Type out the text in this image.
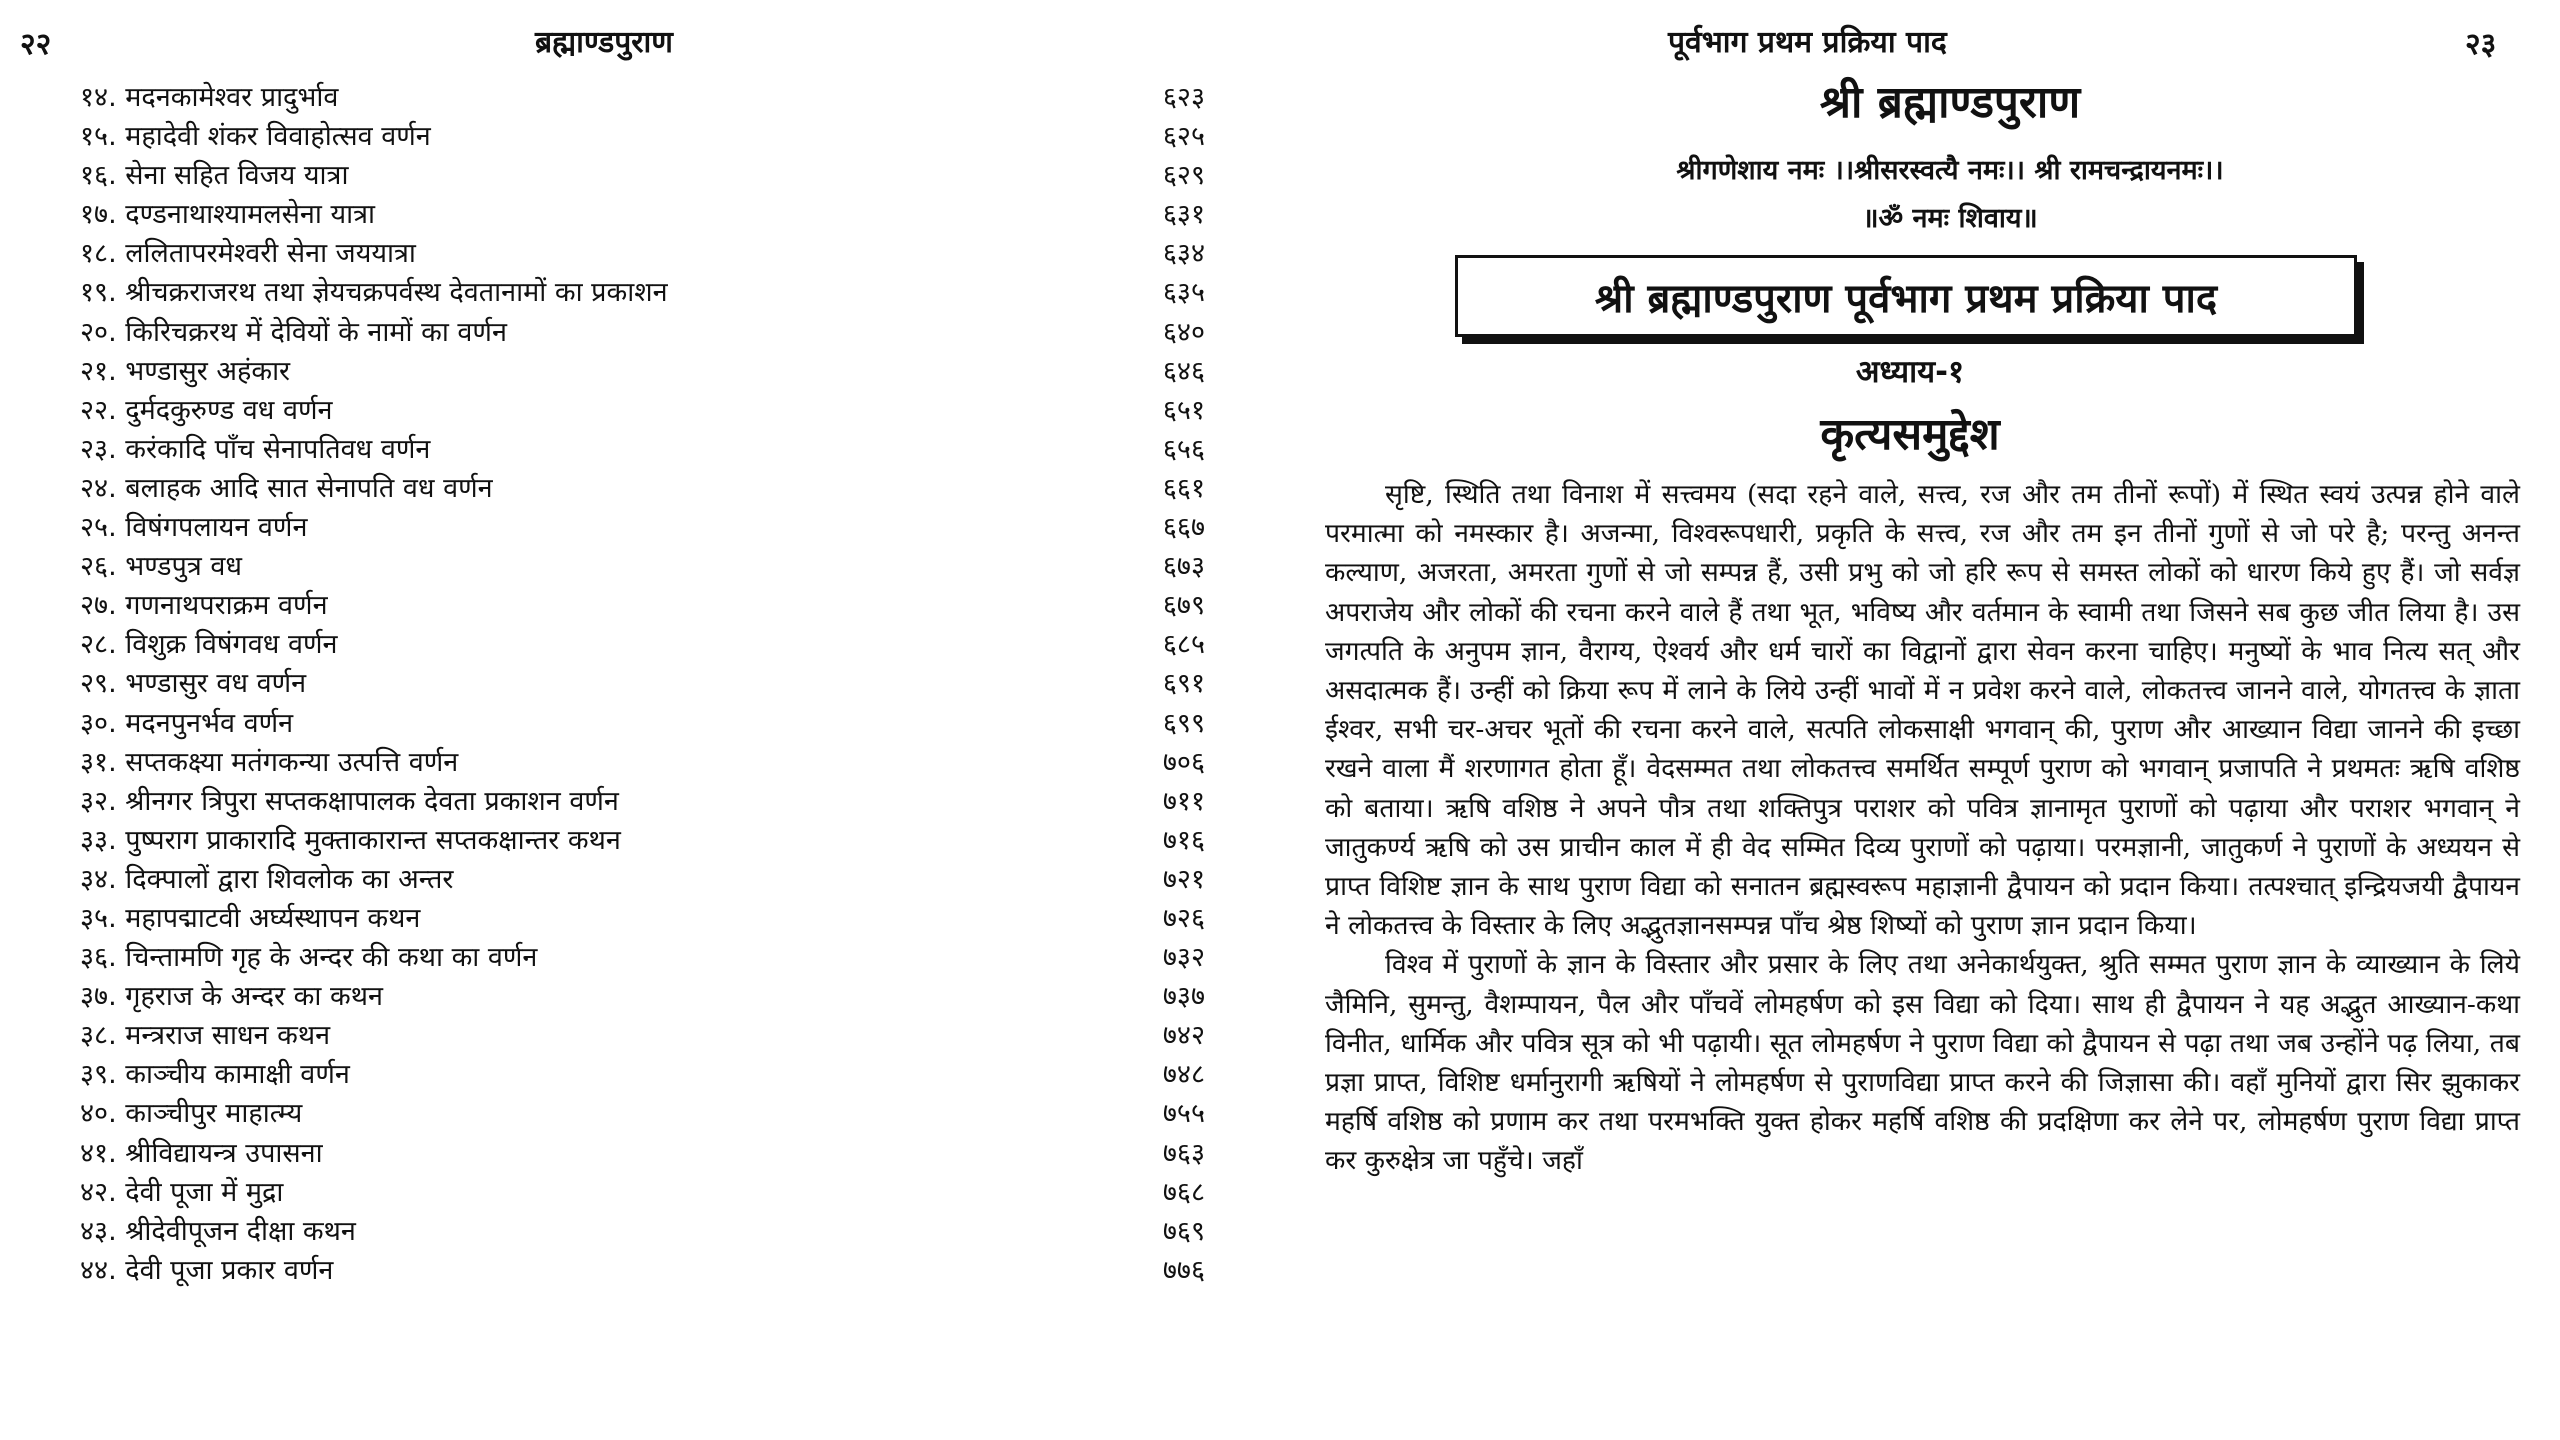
२२	ब्रह्माण्डपुराण
१४. मदनकामेश्वर प्रादुर्भाव	६२३
१५. महादेवी शंकर विवाहोत्सव वर्णन	६२५
१६. सेना सहित विजय यात्रा	६२९
१७. दण्डनाथाश्यामलसेना यात्रा	६३१
१८. ललितापरमेश्वरी सेना जययात्रा	६३४
१९. श्रीचक्रराजरथ तथा ज्ञेयचक्रपर्वस्थ देवतानामों का प्रकाशन	६३५
२०. किरिचक्ररथ में देवियों के नामों का वर्णन	६४०
२१. भण्डासुर अहंकार	६४६
२२. दुर्मदकुरुण्ड वध वर्णन	६५१
२३. करंकादि पाँच सेनापतिवध वर्णन	६५६
२४. बलाहक आदि सात सेनापति वध वर्णन	६६१
२५. विषंगपलायन वर्णन	६६७
२६. भण्डपुत्र वध	६७३
२७. गणनाथपराक्रम वर्णन	६७९
२८. विशुक्र विषंगवध वर्णन	६८५
२९. भण्डासुर वध वर्णन	६९१
३०. मदनपुनर्भव वर्णन	६९९
३१. सप्तकक्ष्या मतंगकन्या उत्पत्ति वर्णन	७०६
३२. श्रीनगर त्रिपुरा सप्तकक्षापालक देवता प्रकाशन वर्णन	७११
३३. पुष्पराग प्राकारादि मुक्ताकारान्त सप्तकक्षान्तर कथन	७१६
३४. दिक्पालों द्वारा शिवलोक का अन्तर	७२१
३५. महापद्माटवी अर्घ्यस्थापन कथन	७२६
३६. चिन्तामणि गृह के अन्दर की कथा का वर्णन	७३२
३७. गृहराज के अन्दर का कथन	७३७
३८. मन्त्रराज साधन कथन	७४२
३९. काञ्चीय कामाक्षी वर्णन	७४८
४०. काञ्चीपुर माहात्म्य	७५५
४१. श्रीविद्यायन्त्र उपासना	७६३
४२. देवी पूजा में मुद्रा	७६८
४३. श्रीदेवीपूजन दीक्षा कथन	७६९
४४. देवी पूजा प्रकार वर्णन	७७६
पूर्वभाग प्रथम प्रक्रिया पाद	२३
श्री ब्रह्माण्डपुराण
श्रीगणेशाय नमः ।।श्रीसरस्वत्यै नमः।। श्री रामचन्द्रायनमः।।
॥ॐ नमः शिवाय॥
श्री ब्रह्माण्डपुराण पूर्वभाग प्रथम प्रक्रिया पाद
अध्याय-१
कृत्यसमुद्देश

सृष्टि, स्थिति तथा विनाश में सत्त्वमय (सदा रहने वाले, सत्त्व, रज और तम तीनों रूपों) में स्थित स्वयं उत्पन्न होने वाले परमात्मा को नमस्कार है। अजन्मा, विश्वरूपधारी, प्रकृति के सत्त्व, रज और तम इन तीनों गुणों से जो परे है; परन्तु अनन्त कल्याण, अजरता, अमरता गुणों से जो सम्पन्न हैं, उसी प्रभु को जो हरि रूप से समस्त लोकों को धारण किये हुए हैं। जो सर्वज्ञ अपराजेय और लोकों की रचना करने वाले हैं तथा भूत, भविष्य और वर्तमान के स्वामी तथा जिसने सब कुछ जीत लिया है। उस जगत्पति के अनुपम ज्ञान, वैराग्य, ऐश्वर्य और धर्म चारों का विद्वानों द्वारा सेवन करना चाहिए। मनुष्यों के भाव नित्य सत् और असदात्मक हैं। उन्हीं को क्रिया रूप में लाने के लिये उन्हीं भावों में न प्रवेश करने वाले, लोकतत्त्व जानने वाले, योगतत्त्व के ज्ञाता ईश्वर, सभी चर-अचर भूतों की रचना करने वाले, सत्पति लोकसाक्षी भगवान् की, पुराण और आख्यान विद्या जानने की इच्छा रखने वाला मैं शरणागत होता हूँ। वेदसम्मत तथा लोकतत्त्व समर्थित सम्पूर्ण पुराण को भगवान् प्रजापति ने प्रथमतः ऋषि वशिष्ठ को बताया। ऋषि वशिष्ठ ने अपने पौत्र तथा शक्तिपुत्र पराशर को पवित्र ज्ञानामृत पुराणों को पढ़ाया और पराशर भगवान् ने जातुकर्ण्य ऋषि को उस प्राचीन काल में ही वेद सम्मित दिव्य पुराणों को पढ़ाया। परमज्ञानी, जातुकर्ण ने पुराणों के अध्ययन से प्राप्त विशिष्ट ज्ञान के साथ पुराण विद्या को सनातन ब्रह्मस्वरूप महाज्ञानी द्वैपायन को प्रदान किया। तत्पश्चात् इन्द्रियजयी द्वैपायन ने लोकतत्त्व के विस्तार के लिए अद्भुतज्ञानसम्पन्न पाँच श्रेष्ठ शिष्यों को पुराण ज्ञान प्रदान किया।

विश्व में पुराणों के ज्ञान के विस्तार और प्रसार के लिए तथा अनेकार्थयुक्त, श्रुति सम्मत पुराण ज्ञान के व्याख्यान के लिये जैमिनि, सुमन्तु, वैशम्पायन, पैल और पाँचवें लोमहर्षण को इस विद्या को दिया। साथ ही द्वैपायन ने यह अद्भुत आख्यान-कथा विनीत, धार्मिक और पवित्र सूत्र को भी पढ़ायी। सूत लोमहर्षण ने पुराण विद्या को द्वैपायन से पढ़ा तथा जब उन्होंने पढ़ लिया, तब प्रज्ञा प्राप्त, विशिष्ट धर्मानुरागी ऋषियों ने लोमहर्षण से पुराणविद्या प्राप्त करने की जिज्ञासा की। वहाँ मुनियों द्वारा सिर झुकाकर महर्षि वशिष्ठ को प्रणाम कर तथा परमभक्ति युक्त होकर महर्षि वशिष्ठ की प्रदक्षिणा कर लेने पर, लोमहर्षण पुराण विद्या प्राप्त कर कुरुक्षेत्र जा पहुँचे। जहाँ
